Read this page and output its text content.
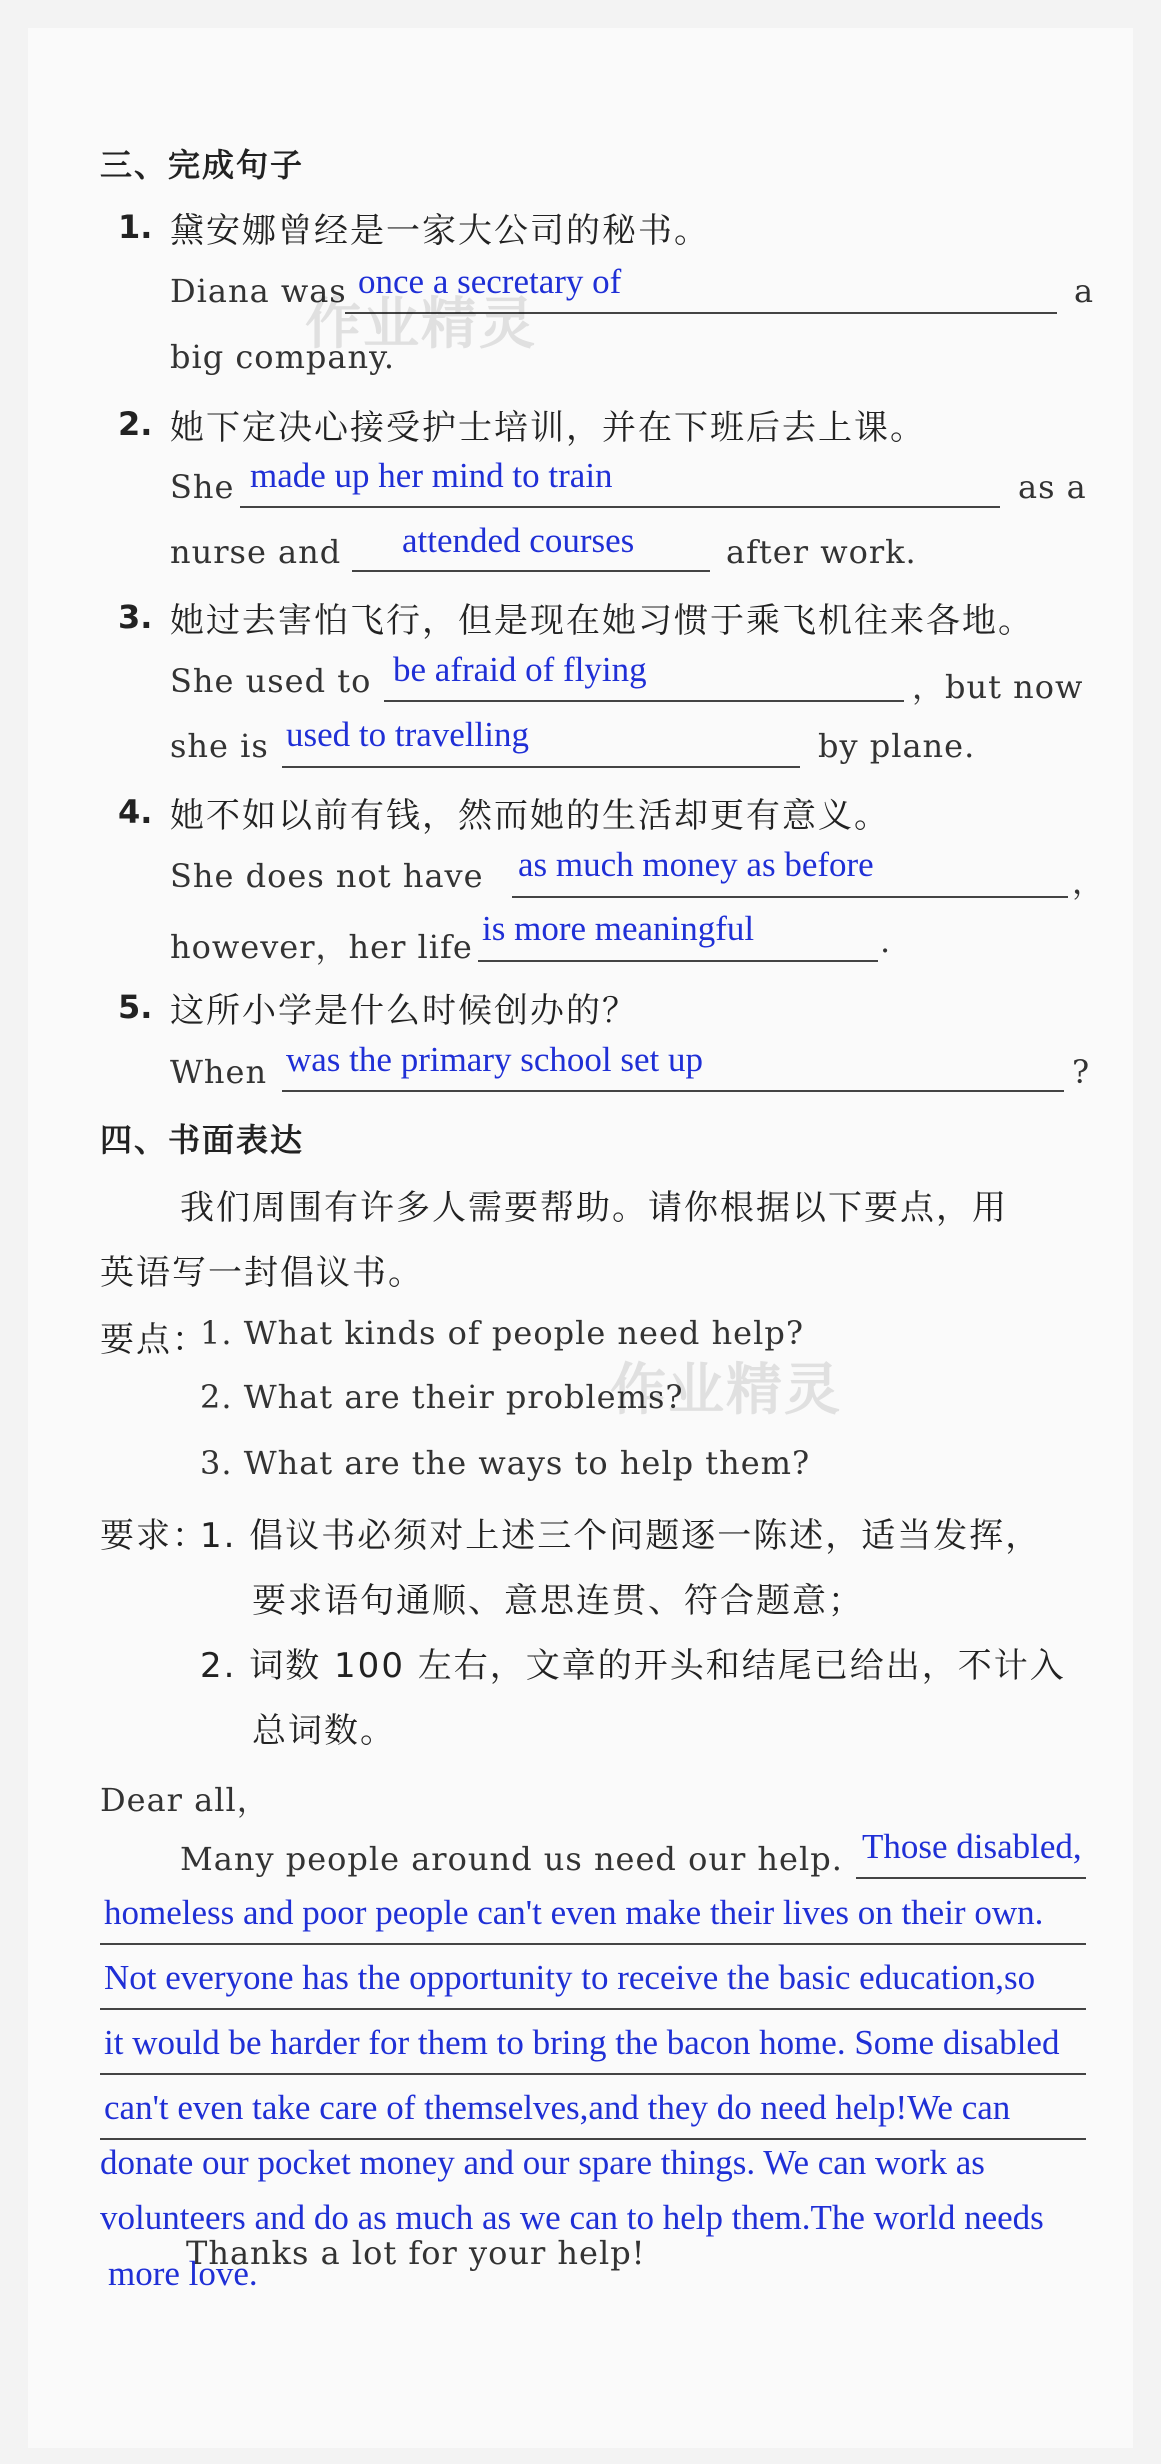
三、完成句子
1. 黛安娜曾经是一家大公司的秘书。
Diana was once a secretary of	a
big company.
作业精灵
2. 她下定决心接受护士培训，并在下班后去上课。
She made up her mind to train	as a
nurse and attended courses	after work.
3. 她过去害怕飞行，但是现在她习惯于乘飞机往来各地。
She used to be afraid of flying	，but now
she is used to travelling	by plane.
4. 她不如以前有钱，然而她的生活却更有意义。
She does not have as much money as before	，
however，her life is more meaningful	.
5. 这所小学是什么时候创办的？
When was the primary school set up	?
四、书面表达
我们周围有许多人需要帮助。请你根据以下要点，用
英语写一封倡议书。
要点：
1. What kinds of people need help?
2. What are their problems?
3. What are the ways to help them?
作业精灵
要求：
1. 倡议书必须对上述三个问题逐一陈述，适当发挥，
要求语句通顺、意思连贯、符合题意；
2. 词数 100 左右，文章的开头和结尾已给出，不计入
总词数。
Dear all，
Many people around us need our help. Those disabled,
homeless and poor people can't even make their lives on their own.
Not everyone has the opportunity to receive the basic education,so
it would be harder for them to bring the bacon home. Some disabled
can't even take care of themselves,and they do need help!We can
donate our pocket money and our spare things. We can work as
volunteers and do as much as we can to help them.The world needs
Thanks a lot for your help!
more love.
